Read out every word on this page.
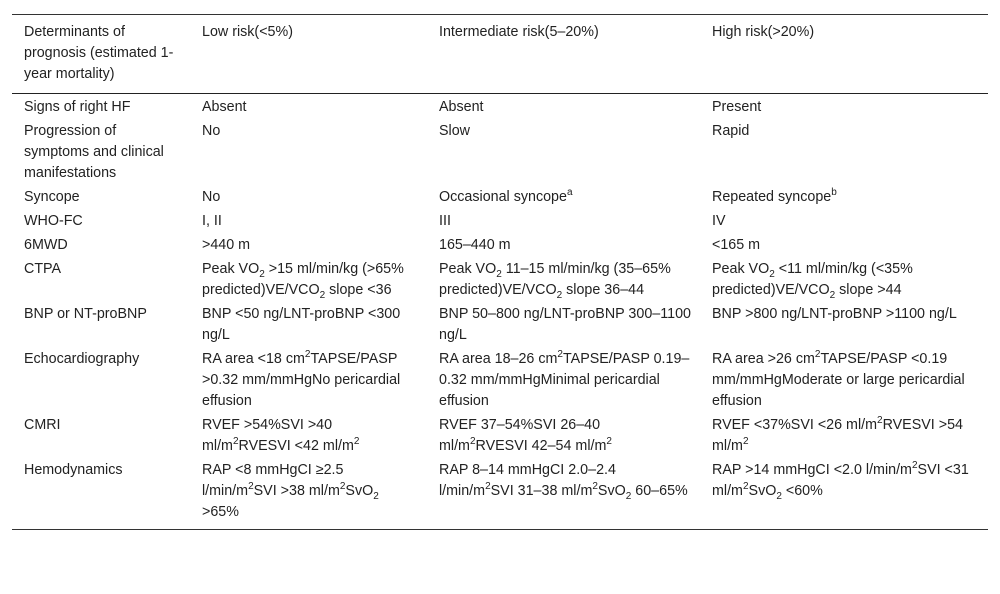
Determinants of prognosis (estimated 1-year mortality)	Low risk(<5%)	Intermediate risk(5–20%)	High risk(>20%)
Signs of right HF	Absent	Absent	Present
Progression of symptoms and clinical manifestations	No	Slow	Rapid
Syncope	No	Occasional syncope$^a$	Repeated syncope$^b$
WHO-FC	I, II	III	IV
6MWD	>440 m	165–440 m	<165 m
CTPA	Peak $VO_2 >15$ ml/min/kg (>65% $predicted)VE/VCO_2$ slope <36	Peak $VO_2$ 11–15 ml/min/kg (35–65% $predicted)VE/VCO_2$ slope 36–44	Peak $VO_2 <11$ ml/min/kg (<35% $predicted)VE/VCO_2$ slope >44
BNP or NT-proBNP	BNP <50 ng/LNT-proBNP <300 ng/L	BNP 50–800 ng/LNT-proBNP 300–1100 ng/L	BNP >800 ng/LNT-proBNP >1100 ng/L
Echocardiography	RA area <18 $cm^2TAPSE$/PASP >0.32 mm/mmHgNo pericardial effusion	RA area 18–26 $cm^2TAPSE$/PASP 0.19–0.32 mm/mmHgMinimal pericardial effusion	RA area >26 $cm^2TAPSE$/PASP <0.19 mm/mmHgModerate or large pericardial effusion
CMRI	RVEF >54%SVI >40 $ml/m^2RVESVI <42$ $ml/m^2$	RVEF 37–54%SVI 26–40 $ml/m^2RVESVI$ 42–54 $ml/m^2$	RVEF <37%SVI <26 $ml/m^2RVESVI >54$ $ml/m^2$
Hemodynamics	RAP <8 mmHgCI ≥2.5 $l/\min/m^2SVI >38$ $ml/m^2SvO_2 >65\%$	RAP 8–14 mmHgCI 2.0–2.4 $l/\min/m^2SVI$ 31–38 $ml/m^2SvO_2$ 60–65%	RAP >14 mmHgCI <2.0 $l/\min/m^2SVI <31$ $ml/m^2SvO_2 <60\%$
